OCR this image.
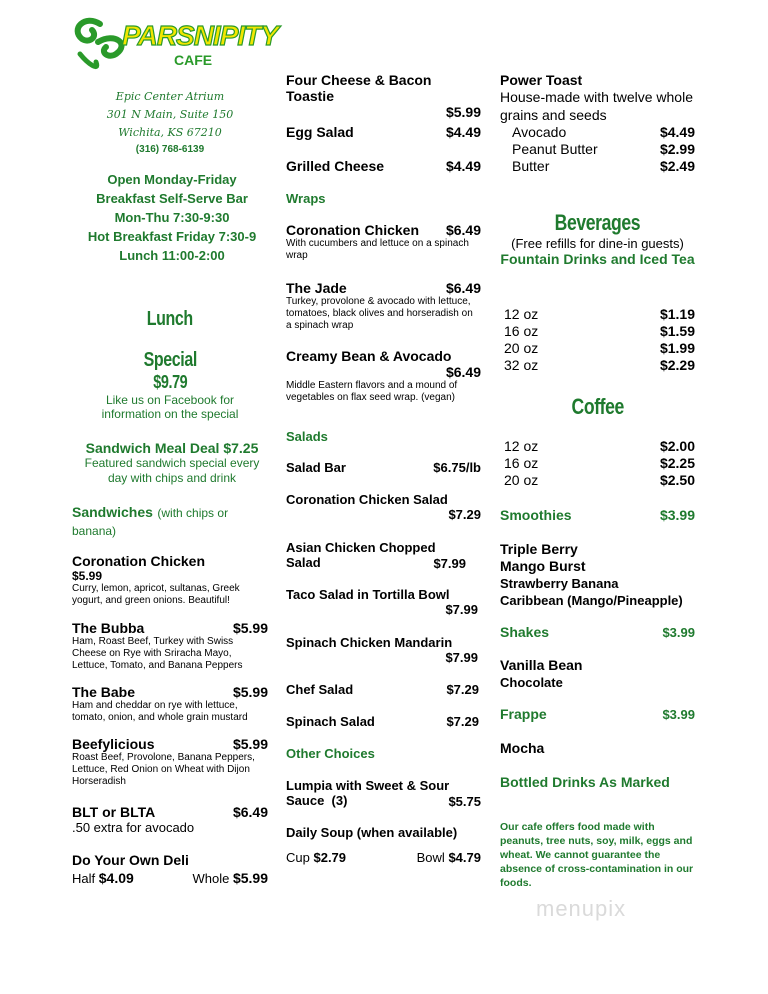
PARSNIPITY
CAFE
Epic Center Atrium
301 N Main, Suite 150
Wichita, KS 67210
(316) 768-6139
Open Monday-Friday
Breakfast Self-Serve Bar
Mon-Thu 7:30-9:30
Hot Breakfast Friday 7:30-9
Lunch 11:00-2:00
Lunch
Special
$9.79
Like us on Facebook for information on the special
Sandwich Meal Deal $7.25
Featured sandwich special every day with chips and drink
Sandwiches (with chips or banana)
Coronation Chicken
$5.99
Curry, lemon, apricot, sultanas, Greek yogurt, and green onions. Beautiful!
The Bubba	$5.99
Ham, Roast Beef, Turkey with Swiss Cheese on Rye with Sriracha Mayo, Lettuce, Tomato, and Banana Peppers
The Babe	$5.99
Ham and cheddar on rye with lettuce, tomato, onion, and whole grain mustard
Beefylicious	$5.99
Roast Beef, Provolone, Banana Peppers, Lettuce, Red Onion on Wheat with Dijon Horseradish
BLT or BLTA	$6.49
.50 extra for avocado
Do Your Own Deli
Half $4.09	Whole $5.99
Four Cheese & Bacon Toastie
$5.99
Egg Salad	$4.49
Grilled Cheese	$4.49
Wraps
Coronation Chicken $6.49
With cucumbers and lettuce on a spinach wrap
The Jade	$6.49
Turkey, provolone & avocado with lettuce, tomatoes, black olives and horseradish on a spinach wrap
Creamy Bean & Avocado
$6.49
Middle Eastern flavors and a mound of vegetables on flax seed wrap. (vegan)
Salads
Salad Bar	$6.75/lb
Coronation Chicken Salad
$7.29
Asian Chicken Chopped Salad	$7.99
Taco Salad in Tortilla Bowl
$7.99
Spinach Chicken Mandarin
$7.99
Chef Salad	$7.29
Spinach Salad	$7.29
Other Choices
Lumpia with Sweet & Sour Sauce  (3)	$5.75
Daily Soup (when available)
Cup $2.79	Bowl $4.79
Power Toast
House-made with twelve whole grains and seeds
Avocado	$4.49
Peanut Butter	$2.99
Butter	$2.49
Beverages
(Free refills for dine-in guests)
Fountain Drinks and Iced Tea
12 oz	$1.19
16 oz	$1.59
20 oz	$1.99
32 oz	$2.29
Coffee
12 oz	$2.00
16 oz	$2.25
20 oz	$2.50
Smoothies	$3.99
Triple Berry
Mango Burst
Strawberry Banana
Caribbean (Mango/Pineapple)
Shakes	$3.99
Vanilla Bean
Chocolate
Frappe	$3.99
Mocha
Bottled Drinks As Marked
Our cafe offers food made with peanuts, tree nuts, soy, milk, eggs and wheat. We cannot guarantee the absence of cross-contamination in our foods.
menupix
